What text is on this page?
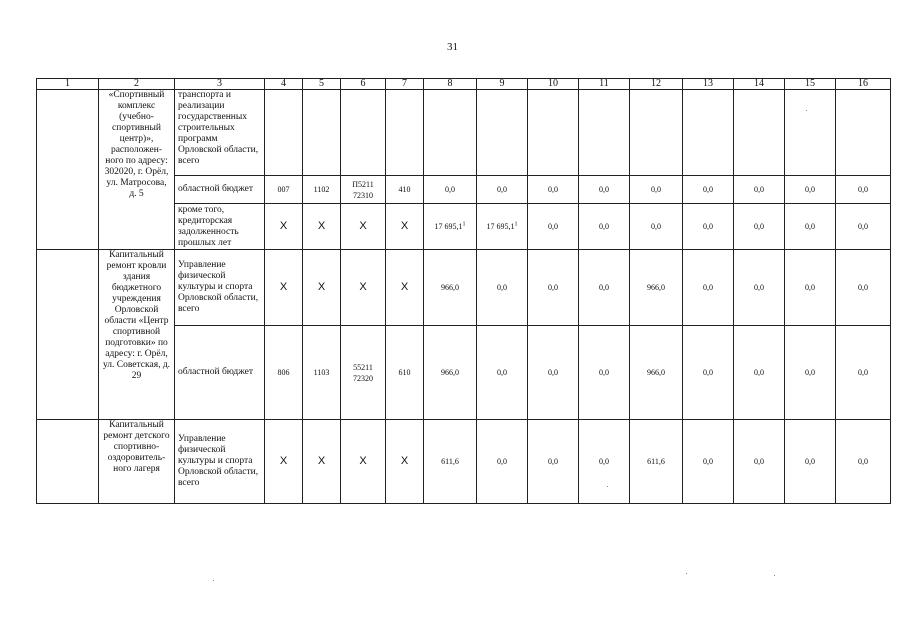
31
1	2	3	4	5	6	7	8	9	10	11	12	13	14	15	16
	«Спортивный комплекс (учебно-спортивный центр)», расположен-ного по адресу: 302020, г. Орёл, ул. Матросова, д. 5	транспорта и реализации государственных строительных программ Орловской области, всего													
		областной бюджет	007	1102	П5211 72310	410	0,0	0,0	0,0	0,0	0,0	0,0	0,0	0,0	0,0
		кроме того, кредиторская задолженность прошлых лет	X	X	X	X	17 695,1$^1$	17 695,1$^1$	0,0	0,0	0,0	0,0	0,0	0,0	0,0
	Капитальный ремонт кровли здания бюджетного учреждения Орловской области «Центр спортивной подготовки» по адресу: г. Орёл, ул. Советская, д. 29	Управление физической культуры и спорта Орловской области, всего	X	X	X	X	966,0	0,0	0,0	0,0	966,0	0,0	0,0	0,0	0,0
		областной бюджет	806	1103	55211 72320	610	966,0	0,0	0,0	0,0	966,0	0,0	0,0	0,0	0,0
	Капитальный ремонт детского спортивно-оздоровитель-ного лагеря	Управление физической культуры и спорта Орловской области, всего	X	X	X	X	611,6	0,0	0,0	0,0	611,6	0,0	0,0	0,0	0,0
